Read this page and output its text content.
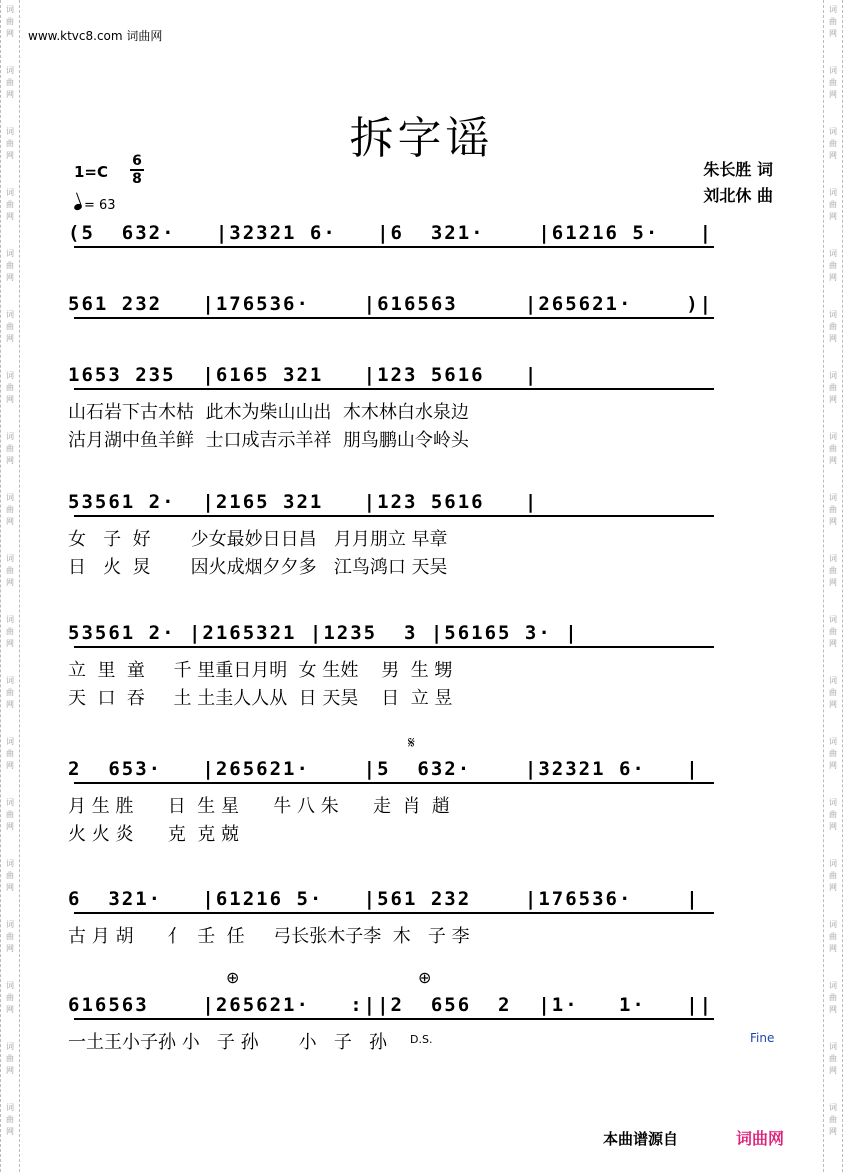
词
曲
网
词
曲
网
词
曲
网
词
曲
网
词
曲
网
词
曲
网
词
曲
网
词
曲
网
词
曲
网
词
曲
网
词
曲
网
词
曲
网
词
曲
网
词
曲
网
词
曲
网
词
曲
网
词
曲
网
词
曲
网
词
曲
网
词
曲
网
词
曲
网
词
曲
网
词
曲
网
词
曲
网
词
曲
网
词
曲
网
词
曲
网
词
曲
网
词
曲
网
词
曲
网
词
曲
网
词
曲
网
词
曲
网
词
曲
网
词
曲
网
词
曲
网
词
曲
网
词
曲
网
www.ktvc8.com 词曲网
拆字谣
1=C
6
8
= 63
朱长胜 词
刘北休 曲
(5  632·   |32321 6·   |6  321·    |61216 5·   |
561 232   |176536·    |616563     |265621·    )|
1653 235  |6165 321   |123 5616   |
山石岩下古木枯  此木为柴山山出  木木林白水泉边
沽月湖中鱼羊鲜  士口成吉示羊祥  朋鸟鹏山令岭头
53561 2·  |2165 321   |123 5616   |
女   子  好       少女最妙日日昌   月月朋立 早章
日   火  炅       因火成烟夕夕多   江鸟鸿口 天吴
53561 2· |2165321 |1235  3 |56165 3· |
立  里  童     千 里重日月明  女 生姓    男  生 甥
天  口  吞     土 土圭人人从  日 天昊    日  立 昱
2  653·   |265621·    |5  632·    |32321 6·   |
月 生 胜      日  生 星      牛 八 朱      走  肖  趙
火 火 炎      克  克 兢
6  321·   |61216 5·   |561 232    |176536·    |
古 月 胡      亻  壬  任     弓长张木子李  木   子 李
616563    |265621·   :||2  656  2  |1·   1·   ||
一土王小子孙 小   子 孙       小   子   孙 D.S.	Fine
𝄋
⊕	⊕
本曲谱源自	词曲网
